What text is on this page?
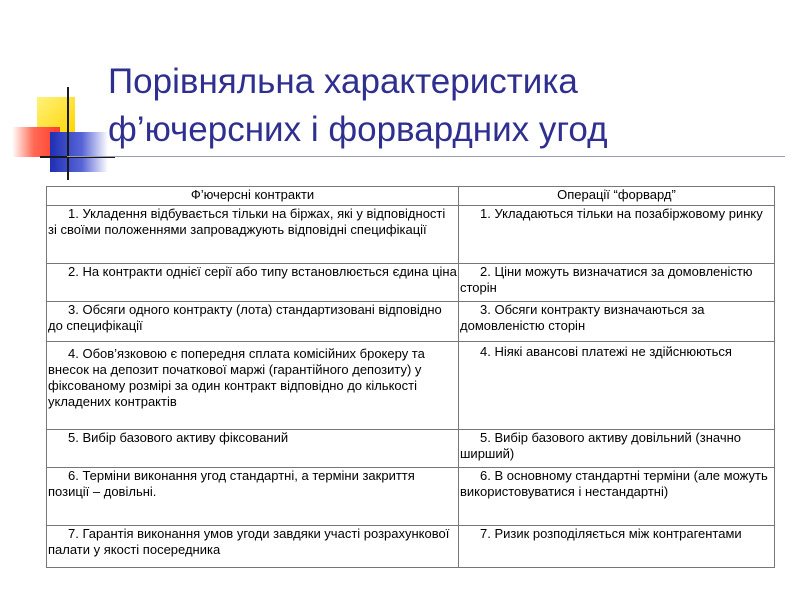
Порівняльна характеристика
ф’ючерсних і форвардних угод
Ф’ючерсні контракти	Операції “форвард”
1. Укладення відбувається тільки на біржах, які у відповідності зі своїми положеннями запроваджують відповідні специфікації	1. Укладаються тільки на позабіржовому ринку
2. На контракти однієї серії або типу встановлюється єдина ціна	2. Ціни можуть визначатися за домовленістю сторін
3. Обсяги одного контракту (лота) стандартизовані відповідно до специфікації	3. Обсяги контракту визначаються за домовленістю сторін
4. Обов’язковою є попередня сплата комісійних брокеру та внесок на депозит початкової маржі (гарантійного депозиту) у фіксованому розмірі за один контракт відповідно до кількості укладених контрактів	4. Ніякі авансові платежі не здійснюються
5. Вибір базового активу фіксований	5. Вибір базового активу довільний (значно ширший)
6. Терміни виконання угод стандартні, а терміни закриття позиції – довільні.	6. В основному стандартні терміни (але можуть використовуватися і нестандартні)
7. Гарантія виконання умов угоди завдяки участі розрахункової палати у якості посередника	7. Ризик розподіляється між контрагентами
